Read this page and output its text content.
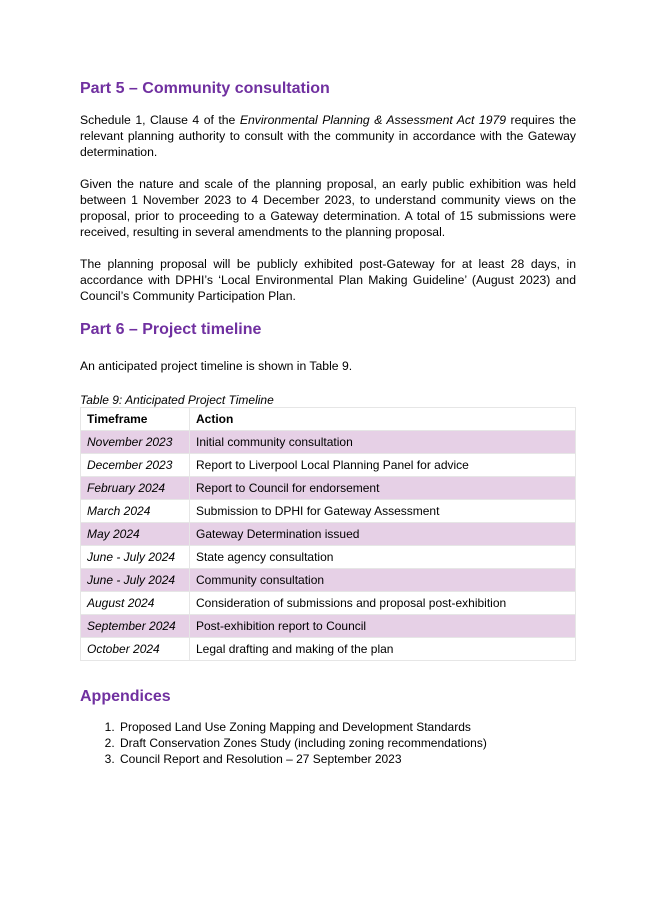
Part 5 – Community consultation

Schedule 1, Clause 4 of the Environmental Planning & Assessment Act 1979 requires the relevant planning authority to consult with the community in accordance with the Gateway determination.

Given the nature and scale of the planning proposal, an early public exhibition was held between 1 November 2023 to 4 December 2023, to understand community views on the proposal, prior to proceeding to a Gateway determination. A total of 15 submissions were received, resulting in several amendments to the planning proposal.

The planning proposal will be publicly exhibited post-Gateway for at least 28 days, in accordance with DPHI’s ‘Local Environmental Plan Making Guideline’ (August 2023) and Council’s Community Participation Plan.

Part 6 – Project timeline

An anticipated project timeline is shown in Table 9.

Table 9: Anticipated Project Timeline
Timeframe	Action
November 2023	Initial community consultation
December 2023	Report to Liverpool Local Planning Panel for advice
February 2024	Report to Council for endorsement
March 2024	Submission to DPHI for Gateway Assessment
May 2024	Gateway Determination issued
June - July 2024	State agency consultation
June - July 2024	Community consultation
August 2024	Consideration of submissions and proposal post-exhibition
September 2024	Post-exhibition report to Council
October 2024	Legal drafting and making of the plan
Appendices
1. Proposed Land Use Zoning Mapping and Development Standards
2. Draft Conservation Zones Study (including zoning recommendations)
3. Council Report and Resolution – 27 September 2023
